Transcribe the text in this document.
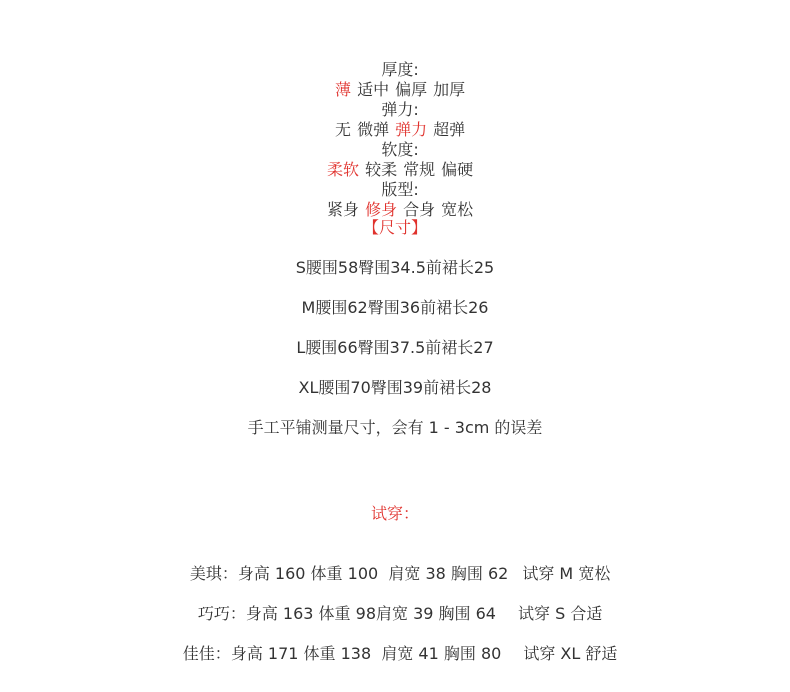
厚度:
薄 适中 偏厚 加厚

弹力:
无 微弹 弹力 超弹

软度:
柔软 较柔 常规 偏硬

版型:
紧身 修身 合身 宽松

【尺寸】
S腰围58臀围34.5前裙长25
M腰围62臀围36前裙长26
L腰围66臀围37.5前裙长27
XL腰围70臀围39前裙长28
手工平铺测量尺寸，会有 1 - 3cm 的误差
试穿：

美琪：身高 160 体重 100  肩宽 38 胸围 62 试穿 M 宽松

巧巧：身高 163 体重 98肩宽 39 胸围 64 试穿 S 合适

佳佳：身高 171 体重 138  肩宽 41 胸围 80 试穿 XL 舒适
